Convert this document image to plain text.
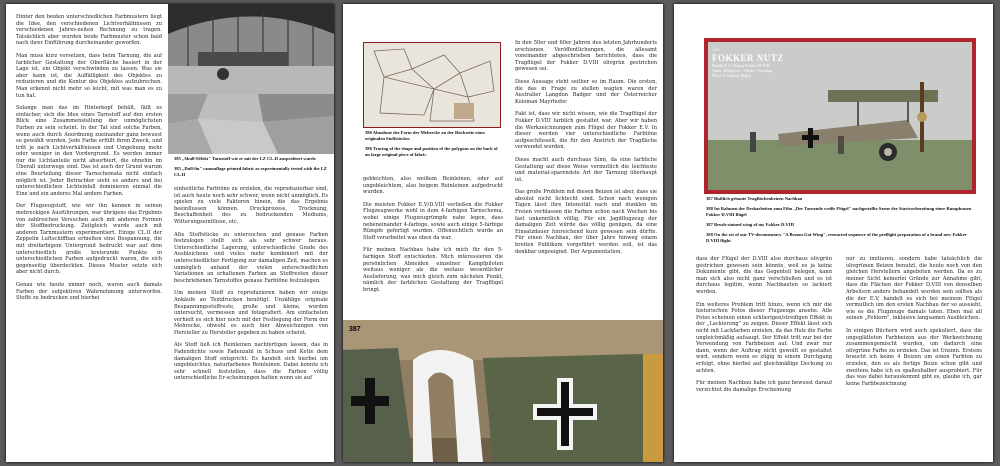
Hinter den beiden unterschiedlichen Farbmustern liegt die Idee, den verschiedenen Lichtverhältnissen zu verschiedenen Jahres-zeiten Rechnung zu tragen. Tatsächlich aber wurden beide Farbmuster schon bald nach ihrer Einführung durcheinander geworfen.

Man muss kurz vorsetzen, dass beim Tarnung, die auf farblicher Gestaltung der Oberfläche basiert in der Lage ist, ein Objekt verschwinden zu lassen. Was sie aber kann ist, die Auffälligkeit des Objektes zu reduzieren und die Kontur des Objektes aufzubrechen. Man erkennt nicht mehr so leicht, mit was man es zu tun hat.

Solange man das im Hinterkopf behält, fällt es einfacher, sich die Idee eines Tarnstoff auf den ersten Blick eine Zusammenstellung der unmöglichsten Farben zu sein scheint. In der Tat sind solche Farben, wenn auch durch Anordnung zueinander ganz bewusst so gewählt wurden. Jede Farbe erfüllt ihren Zweck, und tritt je nach Lichtverhältnissen und Umgebung mehr oder weniger in den Vordergrund. Es werden immer nur die Lichtanteile nicht absorbiert, die ohnehin im Überall unterwegs sind. Das ist auch der Grund warum eine Beurteilung dieser Tarnschemata nicht einfach möglich ist. Jeder Betrachter sieht es anders und bei unterschiedlichen Lichteinfall dominieren einmal die Eine und ein anderes Mal andere Farben.

Der Flugzeugstoff, wie wir ihn kennen in seinen mehreckigen Ausführungen, war übrigens das Ergebnis von zahlreichen Versuchen auch mit anderen Formen der Stoffbedruckung. Zeitgleich wurde auch mit anderen Tarnmustern experimentiert. Einige CL.II der Zeppelin Luftschiffbau erhielten eine Bespannung, die mit dreifarbigem Untergrund bedruckt war auf dem unterschiedlich große kreisrunde Punkte in unterschiedlichen Farben aufgedruckt waren, die sich gegenseitig überdeckten. Dieses Muster setzte sich aber nicht durch.

Genau wie heute immer noch, waren auch damals Farben der subjektiven Wahrnehmung unterworfen. Stoffe zu bedrucken und hierbei

385 „Skull-Effekt" Tarnstoff wie er mit der LZ CL.II ausprobiert wurde

385 „Dull-lin" camouflage printed fabric as experimentally tested with the LZ CL.II

einheitliche Farbtöne zu erzielen, die reproduzierbar sind, ist auch heute noch sehr schwer, wenn nicht unmöglich. Es spielen zu viele Faktoren hinein, die das Ergebnis beeinflussen können. Druckprozess, Trocknung, Beschaffenheit des zu bedruckenden Mediums, Witterungseinflüsse, etc.

Alte Stoffstücke zu untersuchen und genaue Farben festzulegen stellt sich als sehr schwer heraus. Unterschiedliche Lagerung, unterschiedliche Grade des Ausbleichens und vieles mehr kombiniert mit der unterschiedlicher Fertigung zur damaligen Zeit, machen es unmöglich anhand der vielen unterschiedlichen Variationen an erhaltenen Farben an Stoffresten dieser beschriebenen Tarnstoffes genaue Farbtöne festzulegen.

Um meinen Stoff zu reproduzieren haben wir einige Ankäufe an Textdrucken benötigt. Unzählige originale Bespannungsstoffreste, große und kleine, wurden untersucht, vermessen und fotografiert. Am einfachsten verhielt es sich hier noch mit der Festlegung der Form der Mehrecke, obwohl es auch hier Abweichungen von Hersteller zu Hersteller gegeben zu haben scheint.

Als Stoff ließ ich Reinleinen nachfertigen lassen, das in Fadendichte sowie Fadenzahl in Schuss und Kette dem damaligen Stoff entspricht. Es handelt sich hierbei um ungebleichtes, naturfarbenes Reinleinen. Dabei konnte ich sehr schnell feststellen, dass die Farben völlig unterschiedliche Er-scheinungen hatten wenn sie auf

386 Abnahme der Form der Mehrecke an der Rückseite eines originalen Stoffstückes

386 Tracing of the shape and position of the polygons on the back of an large original piece of fabric

gebleichten, also weißem Reinleinen, oder auf ungebleichtem, also beigem Reinleinen aufgedruckt wurden.

Die meisten Fokker E.V/D.VIII verließen die Fokker Flugzeugwerke wohl in dem 4-farbigen Tarnschema, wobei einige Flugzeugrümpfe nahe legen, dass nebeneinander 4-farbige, sowie auch einige 5-farbige Rümpfe gefertigt wurden. Offensichtlich wurde an Stoff verarbeitet was eben da war.

Für meinen Nachbau habe ich mich für den 5-farbigen Stoff entschieden. Mich interessieren die persönlichen Abneiden einzelner Kampfpiloten weitaus weniger als die weitaus wesentlicher Auslieferung, was mich gleich zum nächsten Punkt, nämlich der farblichen Gestaltung der Tragflügel bringt.

In den 50er und 60er Jahren des letzten Jahrhunderts erschienen Veröffentlichungen, die allesamt voneinander abgeschrieben berichteten, dass die Tragflügel der Fokker D.VIII olivgrün gestrichen gewesen sei.

Diese Aussage steht seither so im Raum. Die ersten, die das in Frage zu stellen wagten waren der Australier Langdon Badger und der Österreicher Koloman Mayrhofer.

Fakt ist, dass wir nicht wissen, wie die Tragflügel der Fokker D.VIII farblich gestaltet war. Aber wir haben die Werkzeichnungen zum Flügel der Fokker E.V. In dieser werden vier unterschiedliche Farbtöne aufgeschlüsselt, die für den Anstrich der Tragfläche verwendet wurden.

Diese macht auch durchaus Sinn, da eine farbliche Gestaltung auf diese Weise vermutlich die leichteste und material-sparendste Art der Tarnung überhaupt ist.

Das große Problem mit diesen Beizen ist aber, dass sie absolut nicht lichtecht sind. Schon nach wenigen Tagen lässt ihre Intensität nach und dunklen im Freien verblassen die Farben schon nach Wochen bis fast unkenntlich völlig. Für ein Jagdflugzeug der damaligen Zeit würde das völlig genügen, da eine Einsatzdauer hinreichend kurz gewesen sein dürfte. Für einen Nachbau, der über Jahre hinweg einem breiten Publikum vorgeführt werden soll, ist das denkbar ungeeignet. Der Argumentation,

387
The
FOKKER NUTZ
Replik E.V / Repro Fokker D.VIII
Autor: Hölzigeist · Altfeld · Germany
Photo © Andreas Bögelt

387 Bisßlich gebaute Tragflächenbeizen Nachbau

388 Im Rahmen der Dreharbeiten zum Film „Der Tarnende weiße Flügel" nachgestellte Szene der Startvorbereitung einer Rumpfnasen Fokker D.VIII flügel

387 Brush-stained wing of my Fokker D.VIII

388 On the set of our TV-documentary "A Broom Got Wing", reenacted sequence of the preflight preparation of a brand new Fokker D.VIII flight

dass der Flügel der D.VIII also durchaus olivgrün gestrichen gewesen sein könnte, weil es ja keine Dokumente gibt, die das Gegenteil belegen, kann man sich also nicht ganz verschließen und es ist durchaus legitim, wenn Nachbauten so lackiert werden.

Ein weiteres Problem tritt hinzu, wenn ich mir die historischen Fotos dieser Flugzeuge ansehe. Alle Fotos scheinen einen schlierigen/streifigen Effekt in der „Lackierung" zu zeigen. Dieser Effekt lässt sich nicht mit Lackfarben erzielen, da das Holz die Farbe ungleichmäßig aufsaugt. Der Effekt tritt nur bei der Verwendung von Farbbeizen auf. Und zwar nur dann, wenn der Auftrag nicht gewollt so gestaltet wird, sondern wenn es zügig in einem Durchgang erfolgt, ohne hierbei auf gleichmäßige Deckung zu achten.

Für meinen Nachbau habe ich ganz bewusst darauf verzichtet die damalige Erscheinung

nur zu imitieren, sondern habe tatsächlich die olivgrünen Beizen benutzt, die heute noch von den gleichen Herstellern angeboten werden. Da es zu meiner Sicht keinerlei Gründe zur Annahme gibt, dass die Flächen der Fokker D.VIII von denselben Arbeitern anders behandelt worden sein sollten als die der E.V, handelt es sich bei meinem Flügel vermutlich um den ersten Nachbau der so aussieht, wie es die Flugzeuge damals taten. Eben mal all seinen „Fehlern", inklusive langsamen Ausbleichen.

In einigen Büchern wird auch spekuliert, dass die ungeglätteten Farbbeizen aus der Werkzeichnung zusammengemischt wurden, um dadurch eine olivgrüne Farbe zu erzielen. Das ist Unsinn. Erstens braucht ich keine 4 Beizen um einen Farbton zu erzielen, den es als fertige Beize schon gibt und zweitens habe ich es spaßeshalber ausprobiert. Für das was dabei herauskommt gibt es, glaube ich, gar keine Farbbezeichnung
